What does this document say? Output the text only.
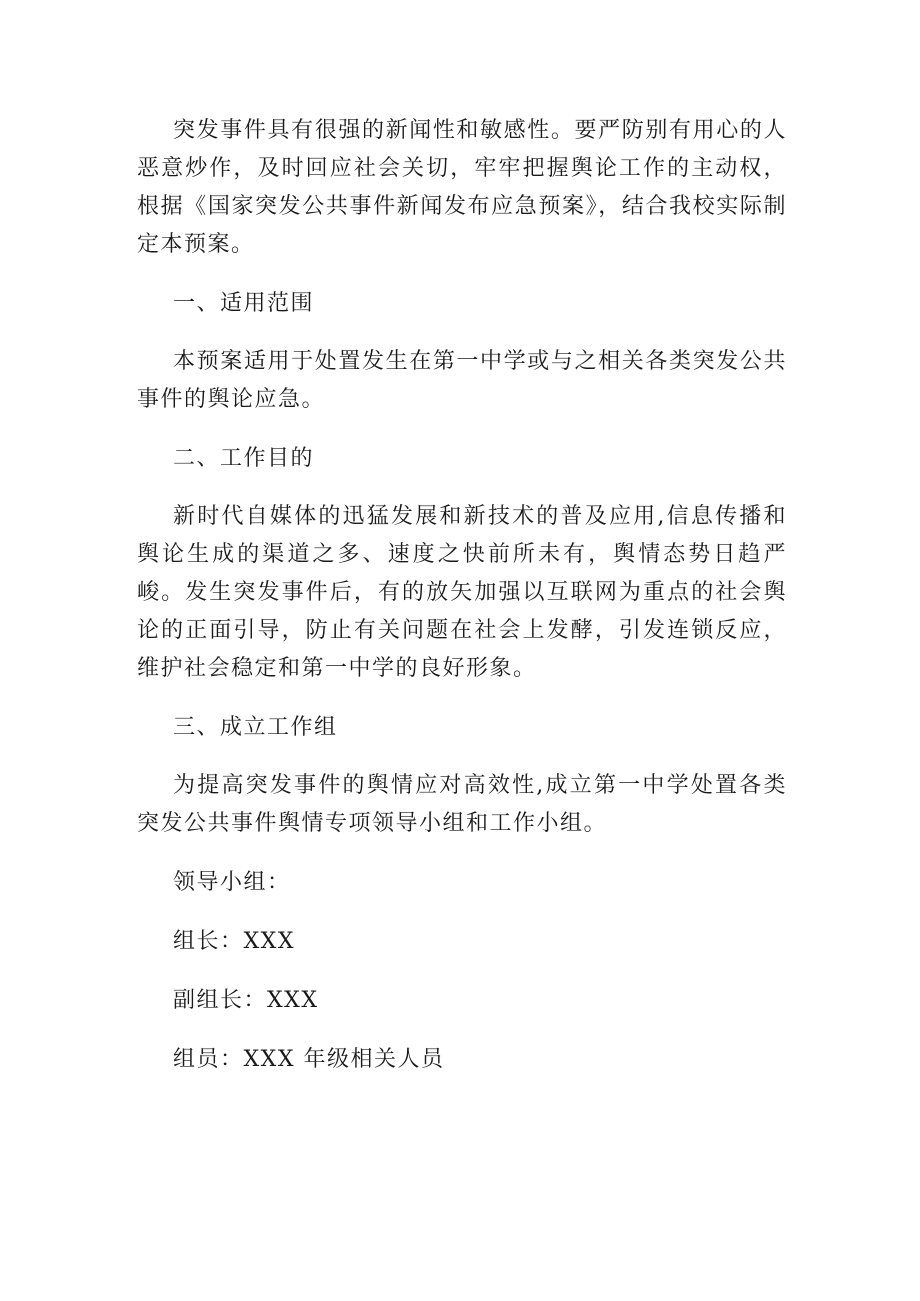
突发事件具有很强的新闻性和敏感性。要严防别有用心的人恶意炒作，及时回应社会关切，牢牢把握舆论工作的主动权，根据《国家突发公共事件新闻发布应急预案》，结合我校实际制定本预案。

一、适用范围

本预案适用于处置发生在第一中学或与之相关各类突发公共事件的舆论应急。

二、工作目的

新时代自媒体的迅猛发展和新技术的普及应用,信息传播和舆论生成的渠道之多、速度之快前所未有，舆情态势日趋严峻。发生突发事件后，有的放矢加强以互联网为重点的社会舆论的正面引导，防止有关问题在社会上发酵，引发连锁反应，维护社会稳定和第一中学的良好形象。

三、成立工作组

为提高突发事件的舆情应对高效性,成立第一中学处置各类突发公共事件舆情专项领导小组和工作小组。

领导小组：

组长：XXX

副组长：XXX

组员：XXX 年级相关人员
